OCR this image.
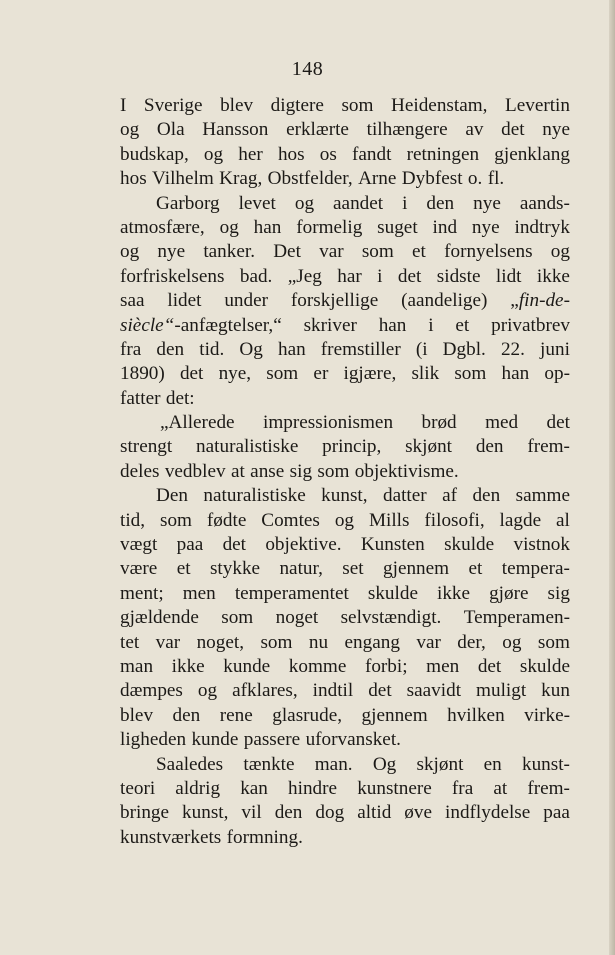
148
I Sverige blev digtere som Heidenstam, Levertin
og Ola Hansson erklærte tilhængere av det nye
budskap, og her hos os fandt retningen gjenklang
hos Vilhelm Krag, Obstfelder, Arne Dybfest o. fl.
Garborg levet og aandet i den nye aands-
atmosfære, og han formelig suget ind nye indtryk
og nye tanker. Det var som et fornyelsens og
forfriskelsens bad. „Jeg har i det sidste lidt ikke
saa lidet under forskjellige (aandelige) „fin-de-
siècle“-anfægtelser,“ skriver han i et privatbrev
fra den tid. Og han fremstiller (i Dgbl. 22. juni
1890) det nye, som er igjære, slik som han op-
fatter det:
„Allerede impressionismen brød med det
strengt naturalistiske princip, skjønt den frem-
deles vedblev at anse sig som objektivisme.
Den naturalistiske kunst, datter af den samme
tid, som fødte Comtes og Mills filosofi, lagde al
vægt paa det objektive. Kunsten skulde vistnok
være et stykke natur, set gjennem et tempera-
ment; men temperamentet skulde ikke gjøre sig
gjældende som noget selvstændigt. Temperamen-
tet var noget, som nu engang var der, og som
man ikke kunde komme forbi; men det skulde
dæmpes og afklares, indtil det saavidt muligt kun
blev den rene glasrude, gjennem hvilken virke-
ligheden kunde passere uforvansket.
Saaledes tænkte man. Og skjønt en kunst-
teori aldrig kan hindre kunstnere fra at frem-
bringe kunst, vil den dog altid øve indflydelse paa
kunstværkets formning.
